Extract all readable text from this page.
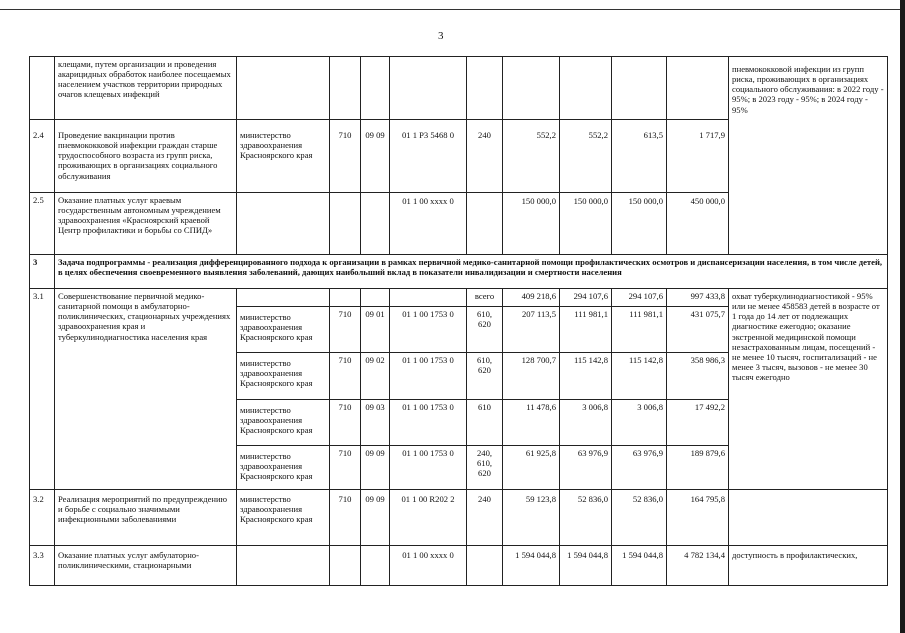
3
	клещами, путем организации и проведения акарицидных обработок наиболее посещаемых населением участков территории природных очагов клещевых инфекций										пневмококковой инфекции из групп риска, проживающих в организациях социального обслуживания: в 2022 году - 95%; в 2023 году - 95%; в 2024 году - 95%
2.4	Проведение вакцинации против пневмококковой инфекции граждан старше трудоспособного возраста из групп риска, проживающих в организациях социального обслуживания	министерство здравоохранения Красноярского края	710	09 09	01 1 P3 5468 0	240	552,2	552,2	613,5	1 717,9	
2.5	Оказание платных услуг краевым государственным автономным учреждением здравоохранения «Красноярский краевой Центр профилактики и борьбы со СПИД»				01 1 00 xxxx 0		150 000,0	150 000,0	150 000,0	450 000,0	
3	Задача подпрограммы - реализация дифференцированного подхода к организации в рамках первичной медико-санитарной помощи профилактических осмотров и диспансеризации населения, в том числе детей, в целях обеспечения своевременного выявления заболеваний, дающих наибольший вклад в показатели инвалидизации и смертности населения										
3.1	Совершенствование первичной медико-санитарной помощи в амбулаторно-поликлинических, стационарных учреждениях здравоохранения края и туберкулинодиагностика населения края					всего	409 218,6	294 107,6	294 107,6	997 433,8	охват туберкулинодиагностикой - 95% или не менее 458583 детей в возрасте от 1 года до 14 лет от подлежащих диагностике ежегодно; оказание экстренной медицинской помощи незастрахованным лицам, посещений - не менее 10 тысяч, госпитализаций - не менее 3 тысяч, вызовов - не менее 30 тысяч ежегодно
		министерство здравоохранения Красноярского края	710	09 01	01 1 00 1753 0	610, 620	207 113,5	111 981,1	111 981,1	431 075,7	
		министерство здравоохранения Красноярского края	710	09 02	01 1 00 1753 0	610, 620	128 700,7	115 142,8	115 142,8	358 986,3	
		министерство здравоохранения Красноярского края	710	09 03	01 1 00 1753 0	610	11 478,6	3 006,8	3 006,8	17 492,2	
		министерство здравоохранения Красноярского края	710	09 09	01 1 00 1753 0	240, 610, 620	61 925,8	63 976,9	63 976,9	189 879,6	
3.2	Реализация мероприятий по предупреждению и борьбе с социально значимыми инфекционными заболеваниями	министерство здравоохранения Красноярского края	710	09 09	01 1 00 R202 2	240	59 123,8	52 836,0	52 836,0	164 795,8	
3.3	Оказание платных услуг амбулаторно-поликлиническими, стационарными				01 1 00 xxxx 0		1 594 044,8	1 594 044,8	1 594 044,8	4 782 134,4	доступность в профилактических,
